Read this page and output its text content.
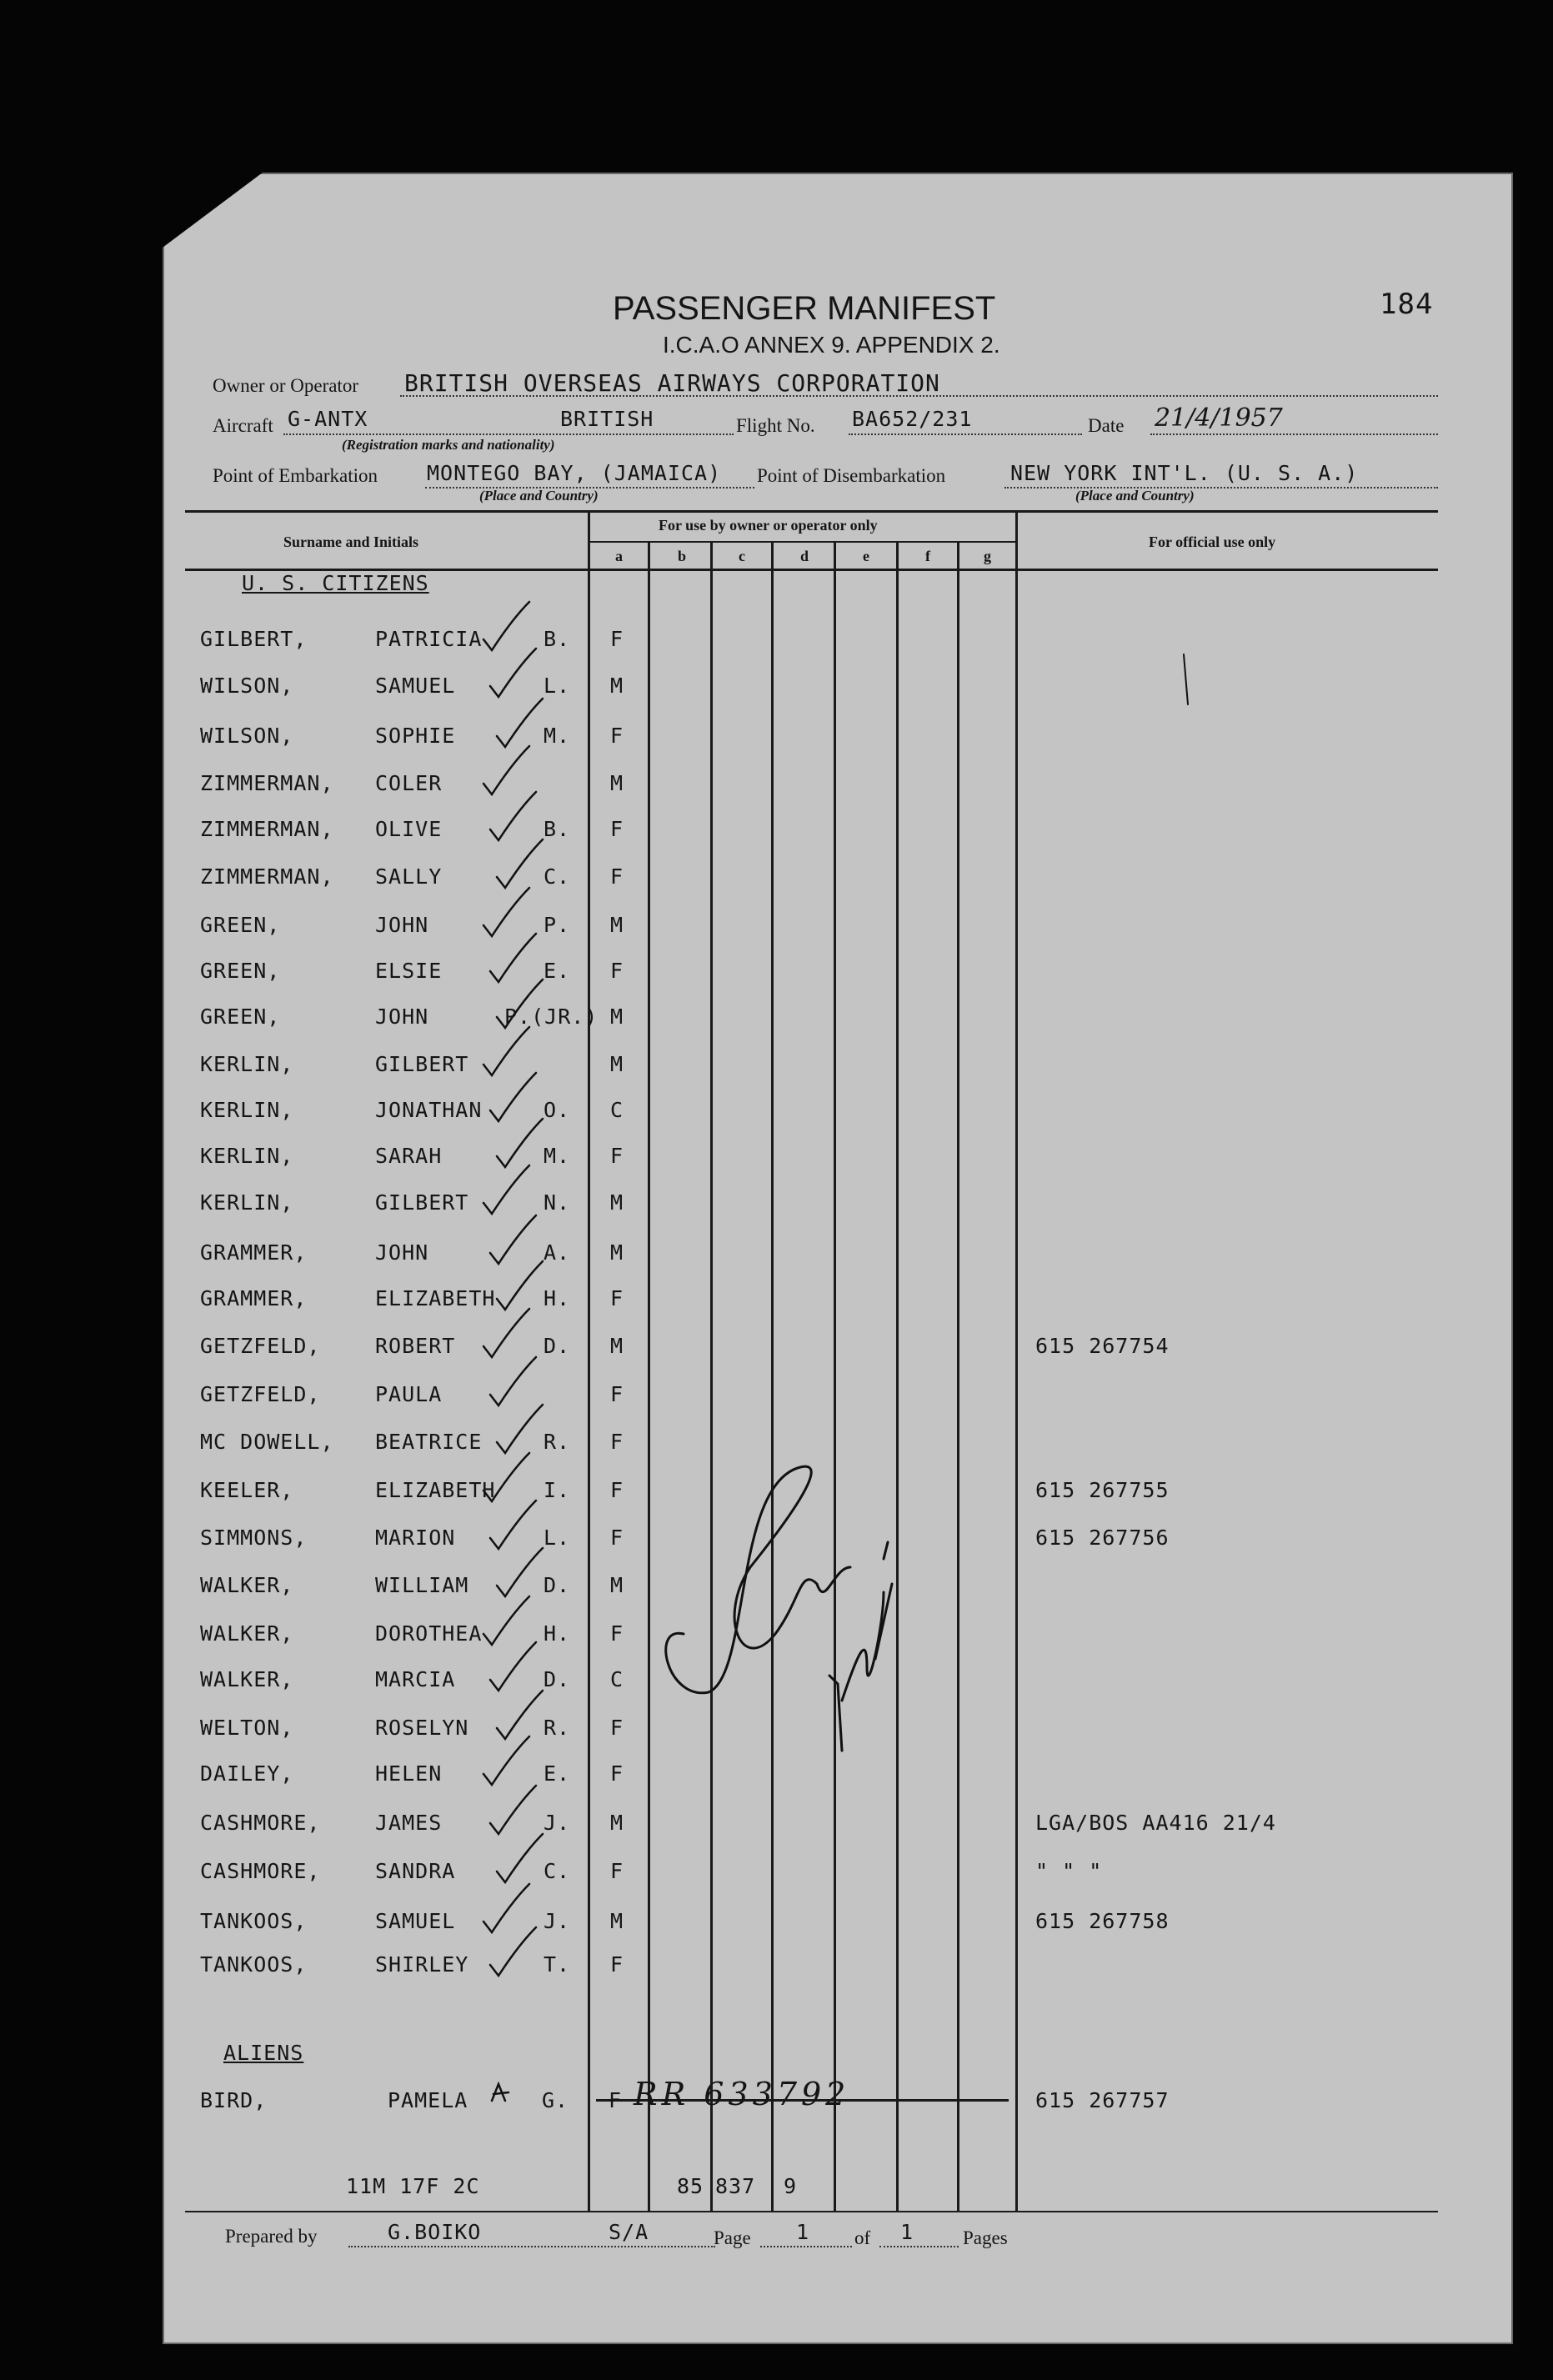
PASSENGER MANIFEST
I.C.A.O ANNEX 9. APPENDIX 2.
184
Owner or Operator BRITISH OVERSEAS AIRWAYS CORPORATION
Aircraft G-ANTX	BRITISH
(Registration marks and nationality)
Flight No. BA652/231	Date 21/4/1957
Point of Embarkation MONTEGO BAY, (JAMAICA)
(Place and Country)
Point of Disembarkation	NEW YORK INT'L. (U. S. A.)
(Place and Country)
Surname and Initials
For use by owner or operator only
For official use only
a	b	c	d	e	f	g
U. S. CITIZENS
ALIENS
GILBERT,	PATRICIA	B. F
WILSON,	SAMUEL	L. M
WILSON,	SOPHIE	M. F
ZIMMERMAN, COLER	M
ZIMMERMAN, OLIVE	B. F
ZIMMERMAN, SALLY	C. F
GREEN,	JOHN	P. M
GREEN,	ELSIE	E. F
GREEN,	JOHN	P.(JR.) M
KERLIN,	GILBERT	M
KERLIN,	JONATHAN	O. C
KERLIN,	SARAH	M. F
KERLIN,	GILBERT	N. M
GRAMMER,	JOHN	A. M
GRAMMER,	ELIZABETH H. F
GETZFELD,	ROBERT	D. M	615 267754
GETZFELD,	PAULA	F
MC DOWELL, BEATRICE	R. F
KEELER,	ELIZABETH I. F	615 267755
SIMMONS,	MARION	L. F	615 267756
WALKER,	WILLIAM	D. M
WALKER,	DOROTHEA	H. F
WALKER,	MARCIA	D. C
WELTON,	ROSELYN	R. F
DAILEY,	HELEN	E. F
CASHMORE,	JAMES	J. M	LGA/BOS AA416 21/4
CASHMORE,	SANDRA	C. F	" " "
TANKOOS,	SAMUEL	J. M	615 267758
TANKOOS,	SHIRLEY	T. F
BIRD,	PAMELA	G. F RR 633792	615 267757
11M 17F 2C	85 837 9
Prepared by	G.BOIKO	S/A	Page 1 of 1	Pages
